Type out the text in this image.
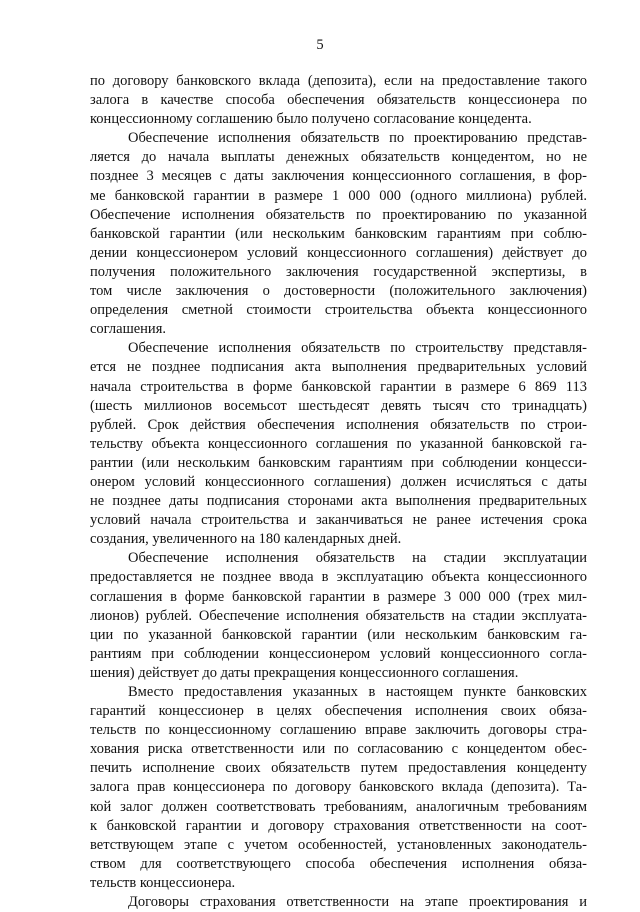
5
по договору банковского вклада (депозита), если на предоставление такого
залога в качестве способа обеспечения обязательств концессионера по
концессионному соглашению было получено согласование концедента.
Обеспечение исполнения обязательств по проектированию представ-
ляется до начала выплаты денежных обязательств концедентом, но не
позднее 3 месяцев с даты заключения концессионного соглашения, в фор-
ме банковской гарантии в размере 1 000 000 (одного миллиона) рублей.
Обеспечение исполнения обязательств по проектированию по указанной
банковской гарантии (или нескольким банковским гарантиям при соблю-
дении концессионером условий концессионного соглашения) действует до
получения положительного заключения государственной экспертизы, в
том числе заключения о достоверности (положительного заключения)
определения сметной стоимости строительства объекта концессионного
соглашения.
Обеспечение исполнения обязательств по строительству представля-
ется не позднее подписания акта выполнения предварительных условий
начала строительства в форме банковской гарантии в размере 6 869 113
(шесть миллионов восемьсот шестьдесят девять тысяч сто тринадцать)
рублей. Срок действия обеспечения исполнения обязательств по строи-
тельству объекта концессионного соглашения по указанной банковской га-
рантии (или нескольким банковским гарантиям при соблюдении концесси-
онером условий концессионного соглашения) должен исчисляться с даты
не позднее даты подписания сторонами акта выполнения предварительных
условий начала строительства и заканчиваться не ранее истечения срока
создания, увеличенного на 180 календарных дней.
Обеспечение исполнения обязательств на стадии эксплуатации
предоставляется не позднее ввода в эксплуатацию объекта концессионного
соглашения в форме банковской гарантии в размере 3 000 000 (трех мил-
лионов) рублей. Обеспечение исполнения обязательств на стадии эксплуата-
ции по указанной банковской гарантии (или нескольким банковским га-
рантиям при соблюдении концессионером условий концессионного согла-
шения) действует до даты прекращения концессионного соглашения.
Вместо предоставления указанных в настоящем пункте банковских
гарантий концессионер в целях обеспечения исполнения своих обяза-
тельств по концессионному соглашению вправе заключить договоры стра-
хования риска ответственности или по согласованию с концедентом обес-
печить исполнение своих обязательств путем предоставления концеденту
залога прав концессионера по договору банковского вклада (депозита). Та-
кой залог должен соответствовать требованиям, аналогичным требованиям
к банковской гарантии и договору страхования ответственности на соот-
ветствующем этапе с учетом особенностей, установленных законодатель-
ством для соответствующего способа обеспечения исполнения обяза-
тельств концессионера.
Договоры страхования ответственности на этапе проектирования и
